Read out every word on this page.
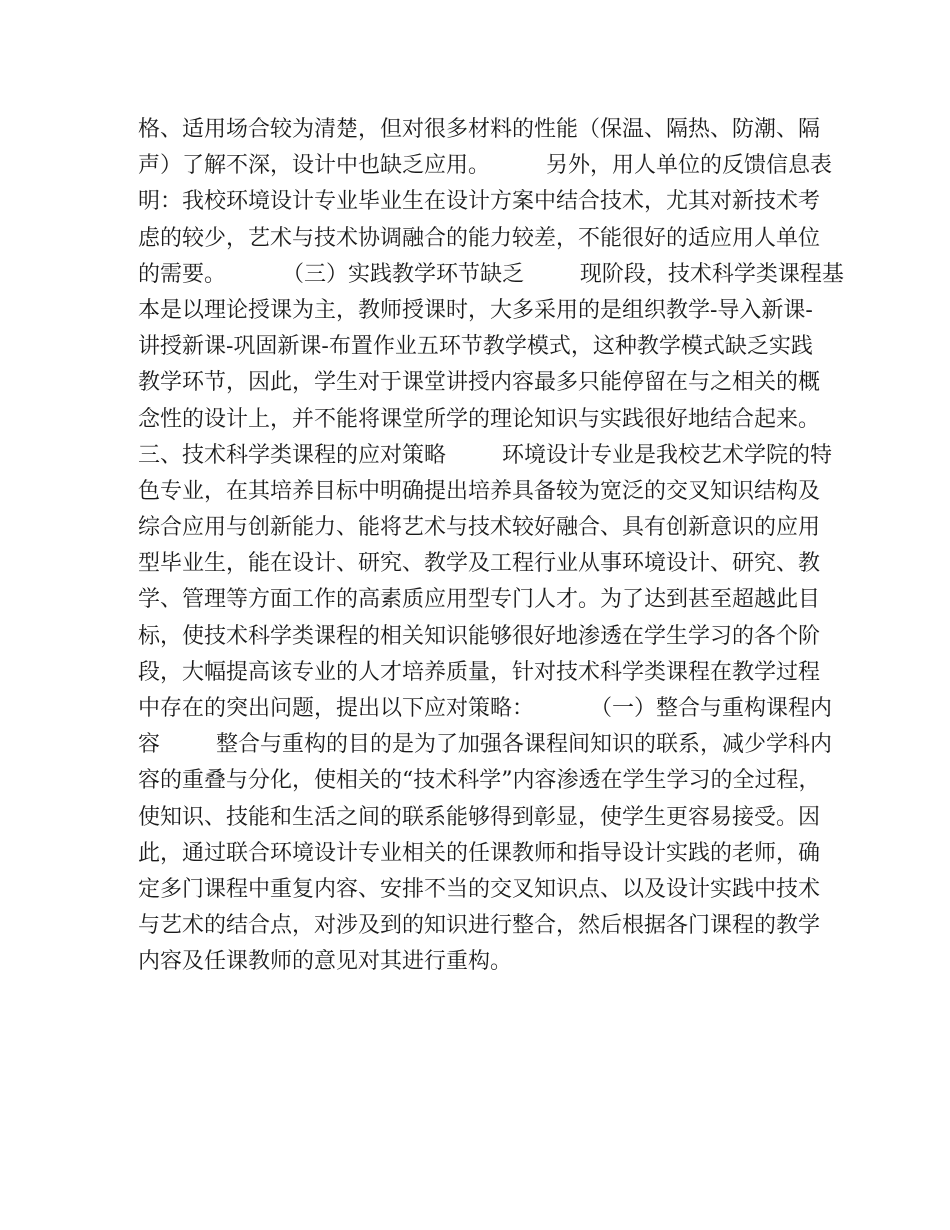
格、适用场合较为清楚，但对很多材料的性能（保温、隔热、防潮、隔
声）了解不深，设计中也缺乏应用。        另外，用人单位的反馈信息表
明：我校环境设计专业毕业生在设计方案中结合技术，尤其对新技术考
虑的较少，艺术与技术协调融合的能力较差，不能很好的适应用人单位
的需要。        （三）实践教学环节缺乏        现阶段，技术科学类课程基
本是以理论授课为主，教师授课时，大多采用的是组织教学-导入新课-
讲授新课-巩固新课-布置作业五环节教学模式，这种教学模式缺乏实践
教学环节，因此，学生对于课堂讲授内容最多只能停留在与之相关的概
念性的设计上，并不能将课堂所学的理论知识与实践很好地结合起来。
三、技术科学类课程的应对策略        环境设计专业是我校艺术学院的特
色专业，在其培养目标中明确提出培养具备较为宽泛的交叉知识结构及
综合应用与创新能力、能将艺术与技术较好融合、具有创新意识的应用
型毕业生，能在设计、研究、教学及工程行业从事环境设计、研究、教
学、管理等方面工作的高素质应用型专门人才。为了达到甚至超越此目
标，使技术科学类课程的相关知识能够很好地渗透在学生学习的各个阶
段，大幅提高该专业的人才培养质量，针对技术科学类课程在教学过程
中存在的突出问题，提出以下应对策略：        （一）整合与重构课程内
容        整合与重构的目的是为了加强各课程间知识的联系，减少学科内
容的重叠与分化，使相关的“技术科学”内容渗透在学生学习的全过程，
使知识、技能和生活之间的联系能够得到彰显，使学生更容易接受。因
此，通过联合环境设计专业相关的任课教师和指导设计实践的老师，确
定多门课程中重复内容、安排不当的交叉知识点、以及设计实践中技术
与艺术的结合点，对涉及到的知识进行整合，然后根据各门课程的教学
内容及任课教师的意见对其进行重构。
